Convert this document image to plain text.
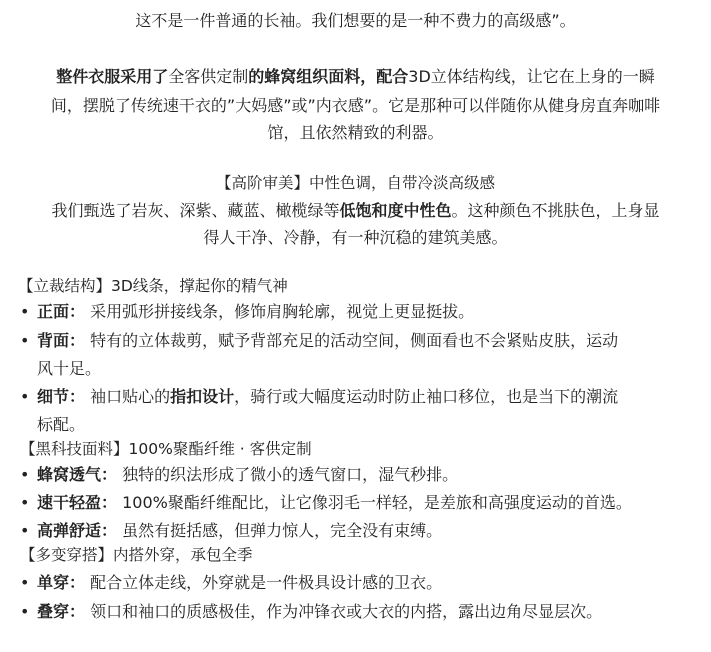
这不是一件普通的长袖。我们想要的是一种不费力的高级感”。
整件衣服采用了全客供定制的蜂窝组织面料，配合3D立体结构线，让它在上身的一瞬
间，摆脱了传统速干衣的”大妈感”或”内衣感”。它是那种可以伴随你从健身房直奔咖啡
馆，且依然精致的利器。
【高阶审美】中性色调，自带冷淡高级感
我们甄选了岩灰、深紫、藏蓝、橄榄绿等低饱和度中性色。这种颜色不挑肤色，上身显
得人干净、冷静，有一种沉稳的建筑美感。
【立裁结构】3D线条，撑起你的精气神
• 正面： 采用弧形拼接线条，修饰肩胸轮廓，视觉上更显挺拔。
• 背面： 特有的立体裁剪，赋予背部充足的活动空间，侧面看也不会紧贴皮肤，运动
风十足。
• 细节： 袖口贴心的指扣设计，骑行或大幅度运动时防止袖口移位，也是当下的潮流
标配。
【黑科技面料】100%聚酯纤维 · 客供定制
• 蜂窝透气： 独特的织法形成了微小的透气窗口，湿气秒排。
• 速干轻盈： 100%聚酯纤维配比，让它像羽毛一样轻，是差旅和高强度运动的首选。
• 高弹舒适： 虽然有挺括感，但弹力惊人，完全没有束缚。
【多变穿搭】内搭外穿，承包全季
• 单穿： 配合立体走线，外穿就是一件极具设计感的卫衣。
• 叠穿： 领口和袖口的质感极佳，作为冲锋衣或大衣的内搭，露出边角尽显层次。
